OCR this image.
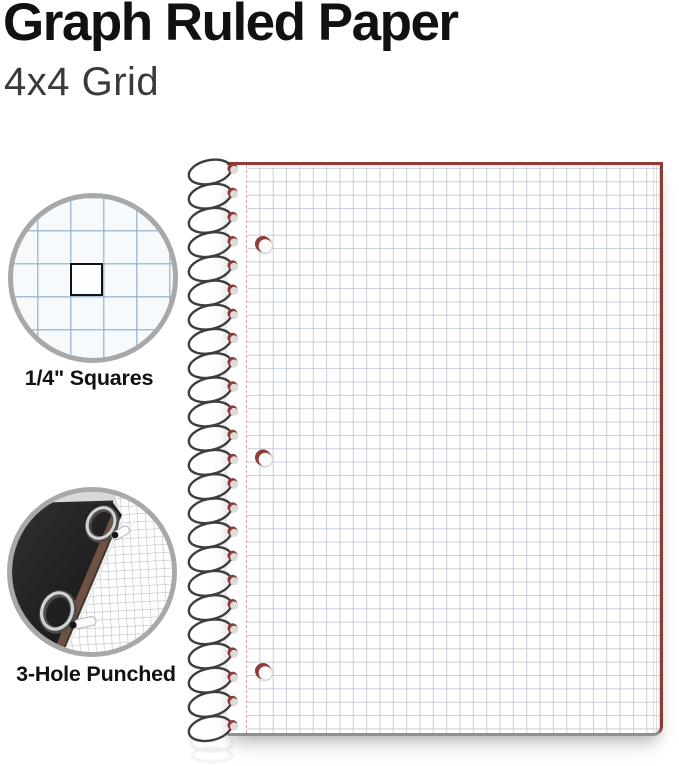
Graph Ruled Paper
4x4 Grid
1/4" Squares
3-Hole Punched
